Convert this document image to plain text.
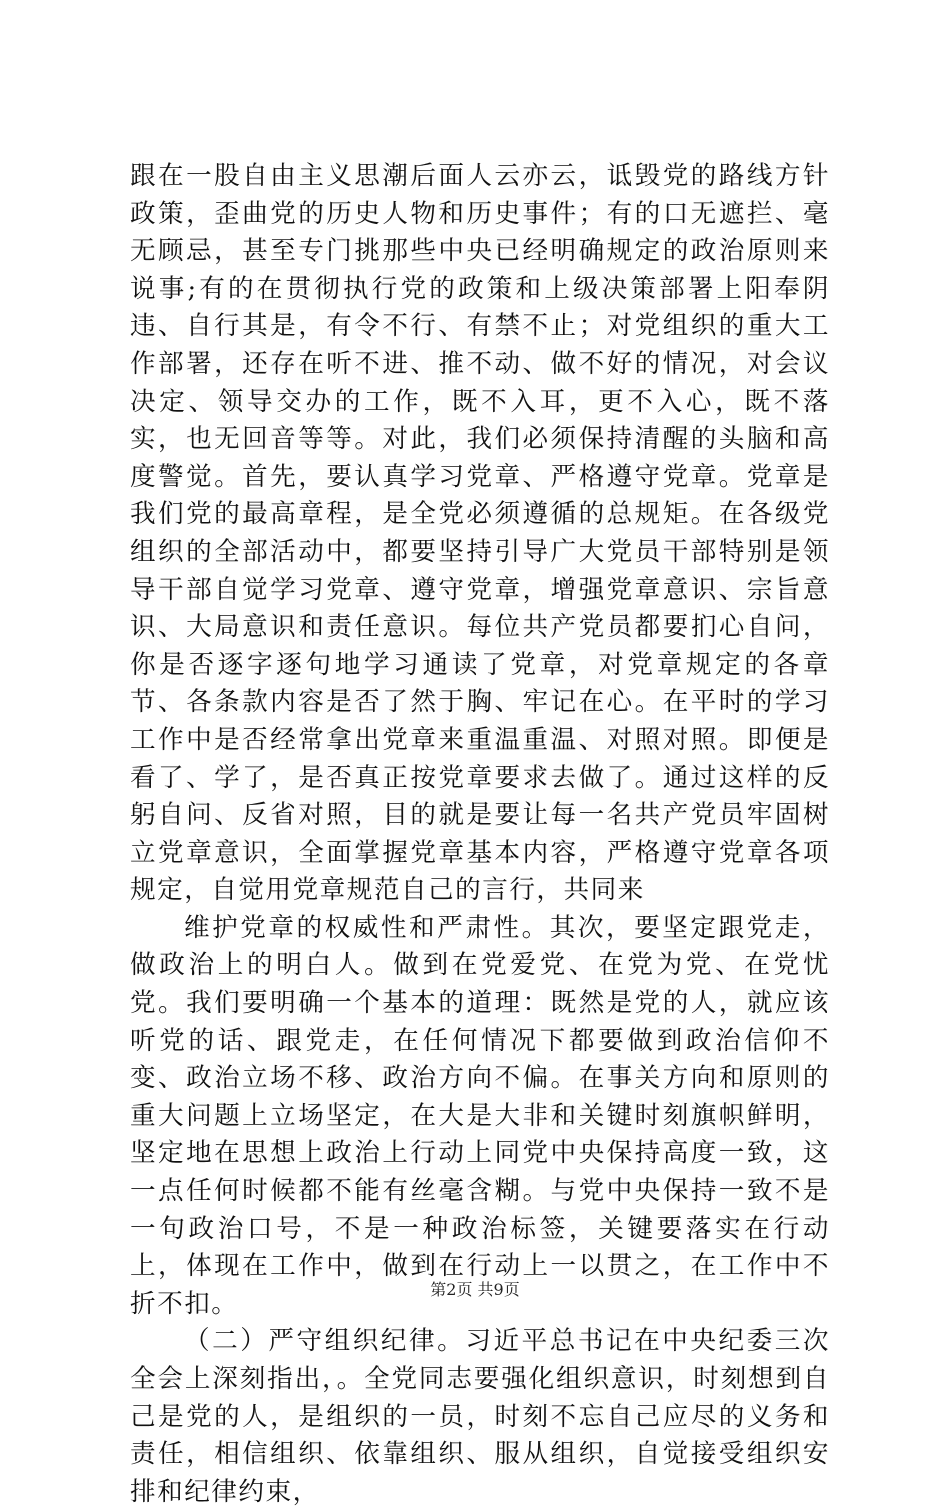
跟在一股自由主义思潮后面人云亦云，诋毁党的路线方针政策，歪曲党的历史人物和历史事件；有的口无遮拦、毫无顾忌，甚至专门挑那些中央已经明确规定的政治原则来说事;有的在贯彻执行党的政策和上级决策部署上阳奉阴违、自行其是，有令不行、有禁不止；对党组织的重大工作部署，还存在听不进、推不动、做不好的情况，对会议决定、领导交办的工作，既不入耳，更不入心，既不落实，也无回音等等。对此，我们必须保持清醒的头脑和高度警觉。首先，要认真学习党章、严格遵守党章。党章是我们党的最高章程，是全党必须遵循的总规矩。在各级党组织的全部活动中，都要坚持引导广大党员干部特别是领导干部自觉学习党章、遵守党章，增强党章意识、宗旨意识、大局意识和责任意识。每位共产党员都要扪心自问，你是否逐字逐句地学习通读了党章，对党章规定的各章节、各条款内容是否了然于胸、牢记在心。在平时的学习工作中是否经常拿出党章来重温重温、对照对照。即便是看了、学了，是否真正按党章要求去做了。通过这样的反躬自问、反省对照，目的就是要让每一名共产党员牢固树立党章意识，全面掌握党章基本内容，严格遵守党章各项规定，自觉用党章规范自己的言行，共同来

维护党章的权威性和严肃性。其次，要坚定跟党走，做政治上的明白人。做到在党爱党、在党为党、在党忧党。我们要明确一个基本的道理：既然是党的人，就应该听党的话、跟党走，在任何情况下都要做到政治信仰不变、政治立场不移、政治方向不偏。在事关方向和原则的重大问题上立场坚定，在大是大非和关键时刻旗帜鲜明，坚定地在思想上政治上行动上同党中央保持高度一致，这一点任何时候都不能有丝毫含糊。与党中央保持一致不是一句政治口号，不是一种政治标签，关键要落实在行动上，体现在工作中，做到在行动上一以贯之，在工作中不折不扣。

（二）严守组织纪律。习近平总书记在中央纪委三次全会上深刻指出，。全党同志要强化组织意识，时刻想到自己是党的人，是组织的一员，时刻不忘自己应尽的义务和责任，相信组织、依靠组织、服从组织，自觉接受组织安排和纪律约束，

第2页 共9页
